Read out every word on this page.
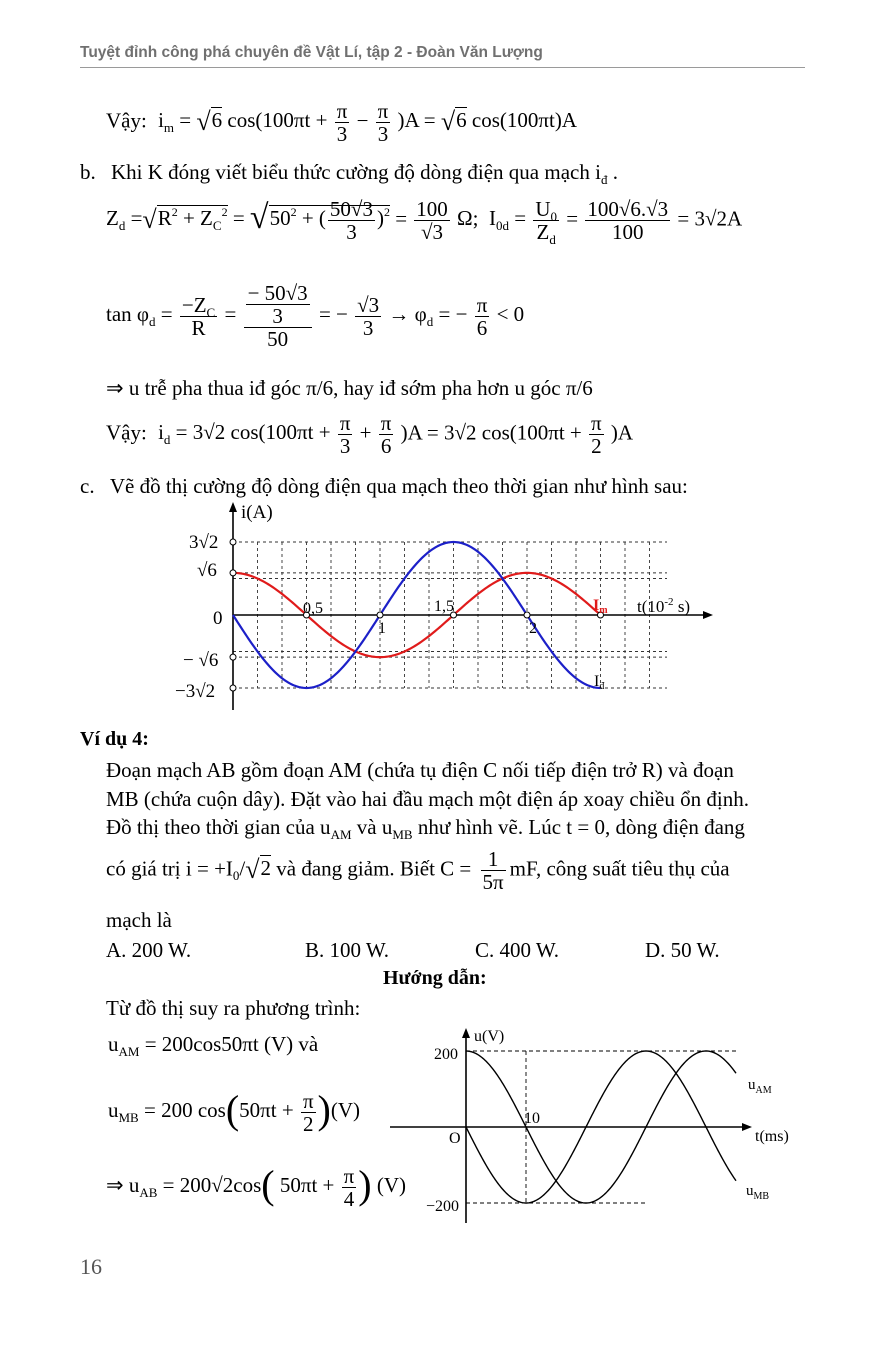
Tuyệt đỉnh công phá chuyên đề Vật Lí, tập 2 - Đoàn Văn Lượng
Vậy: $i_m = √6$ $\cos(100\pi t + \frac{\pi}{3} - \frac{\pi}{3} )A = √6$ cos(100πt)A
b. Khi K đóng viết biểu thức cường độ dòng điện qua mạch $i_đ$ .
$Z_d =√R^2 + Z_C^2 = √50^2$ + ( $\frac{50√3}{3} )^2 = \frac{100}{√3} \Omega$;  $I_{0d} = \frac{U_0}{Z_d} = \frac{100√6.√3}{100} = 3√2A$
$\tan \varphi_d = \frac{-Z_C}{R} = \frac{\frac{- 50√3}{3}}{50}$ = − $\frac{√3}{3} \to \varphi_d$ = − $\frac{\pi}{6} < 0$
⇒ u trễ pha thua iđ góc π/6, hay iđ sớm pha hơn u góc π/6
Vậy: $i_d = 3√2$ $\cos(100\pi t + \frac{\pi}{3} + \frac{\pi}{6} )A = 3√2$ $\cos(100\pi t + \frac{\pi}{2} )A$
c. Vẽ đồ thị cường độ dòng điện qua mạch theo thời gian như hình sau:
i(A)
$t(10^{-2}$ s)
3√2
√6
0
− √6
−3√2
0,5
1
1,5
2
Im
Iđ
Ví dụ 4:
Đoạn mạch AB gồm đoạn AM (chứa tụ điện C nối tiếp điện trở R) và đoạn
MB (chứa cuộn dây). Đặt vào hai đầu mạch một điện áp xoay chiều ổn định.
Đồ thị theo thời gian của $u_{AM}$ và $u_{MB}$ như hình vẽ. Lúc t = 0, dòng điện đang
có giá trị $i = +I_0/√2$ và đang giảm. Biết $C = \frac{1}{5\pi}$ mF, công suất tiêu thụ của
mạch là
A. 200 W.	B. 100 W.	C. 400 W.	D. 50 W.
Hướng dẫn:
Từ đồ thị suy ra phương trình:
$u_{AM} = 200\cos 50\pi t$ (V) và
$u_{MB} = 200$ $\cos(50\pi t + \frac{\pi}{2} )(V)$
⇒ $u_{AB} = 200√2\cos$( $50\pi t + \frac{\pi}{4}$ ) (V)
u(V)
t(ms)
200
−200
O
10
$u_{AM}$
$u_{MB}$
16
